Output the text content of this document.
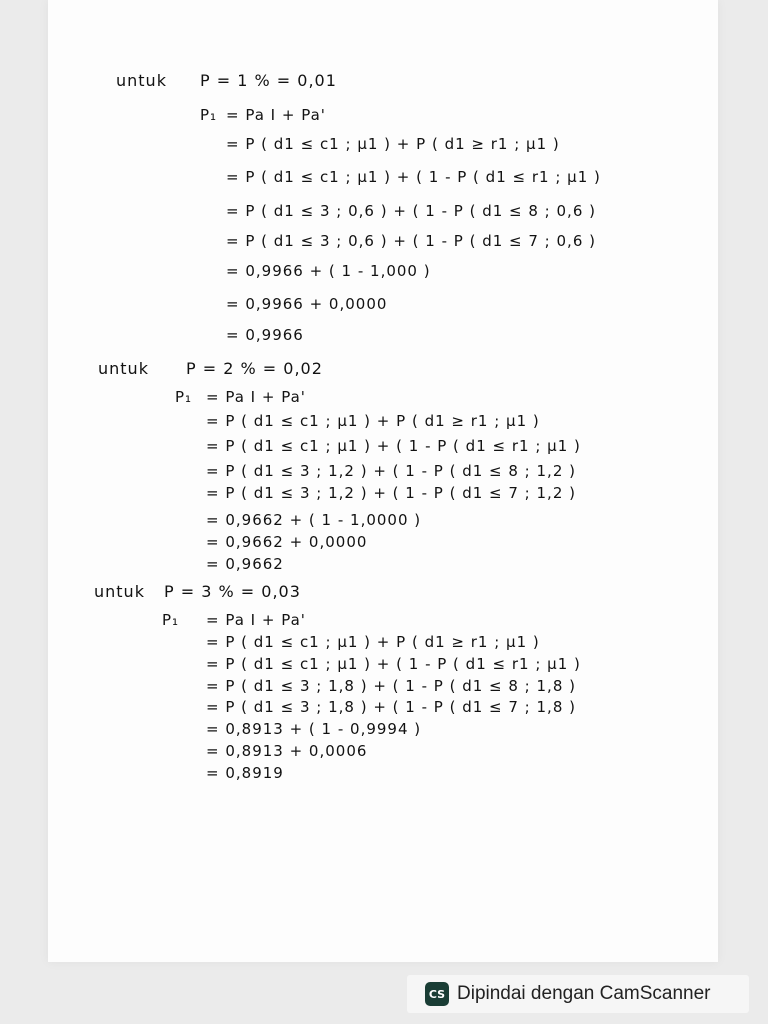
untuk P = 1 % = 0,01
P₁ = Pa I + Pa'
= P ( d1 ≤ c1 ; µ1 ) + P ( d1 ≥ r1 ; µ1 )
= P ( d1 ≤ c1 ; µ1 ) + ( 1 - P ( d1 ≤ r1 ; µ1 )
= P ( d1 ≤ 3 ; 0,6 ) + ( 1 - P ( d1 ≤ 8 ; 0,6 )
= P ( d1 ≤ 3 ; 0,6 ) + ( 1 - P ( d1 ≤ 7 ; 0,6 )
= 0,9966 + ( 1 - 1,000 )
= 0,9966 + 0,0000
= 0,9966
untuk P = 2 % = 0,02
P₁ = Pa I + Pa'
= P ( d1 ≤ c1 ; µ1 ) + P ( d1 ≥ r1 ; µ1 )
= P ( d1 ≤ c1 ; µ1 ) + ( 1 - P ( d1 ≤ r1 ; µ1 )
= P ( d1 ≤ 3 ; 1,2 ) + ( 1 - P ( d1 ≤ 8 ; 1,2 )
= P ( d1 ≤ 3 ; 1,2 ) + ( 1 - P ( d1 ≤ 7 ; 1,2 )
= 0,9662 + ( 1 - 1,0000 )
= 0,9662 + 0,0000
= 0,9662
untuk P = 3 % = 0,03
P₁ = Pa I + Pa'
= P ( d1 ≤ c1 ; µ1 ) + P ( d1 ≥ r1 ; µ1 )
= P ( d1 ≤ c1 ; µ1 ) + ( 1 - P ( d1 ≤ r1 ; µ1 )
= P ( d1 ≤ 3 ; 1,8 ) + ( 1 - P ( d1 ≤ 8 ; 1,8 )
= P ( d1 ≤ 3 ; 1,8 ) + ( 1 - P ( d1 ≤ 7 ; 1,8 )
= 0,8913 + ( 1 - 0,9994 )
= 0,8913 + 0,0006
= 0,8919
CS Dipindai dengan CamScanner
